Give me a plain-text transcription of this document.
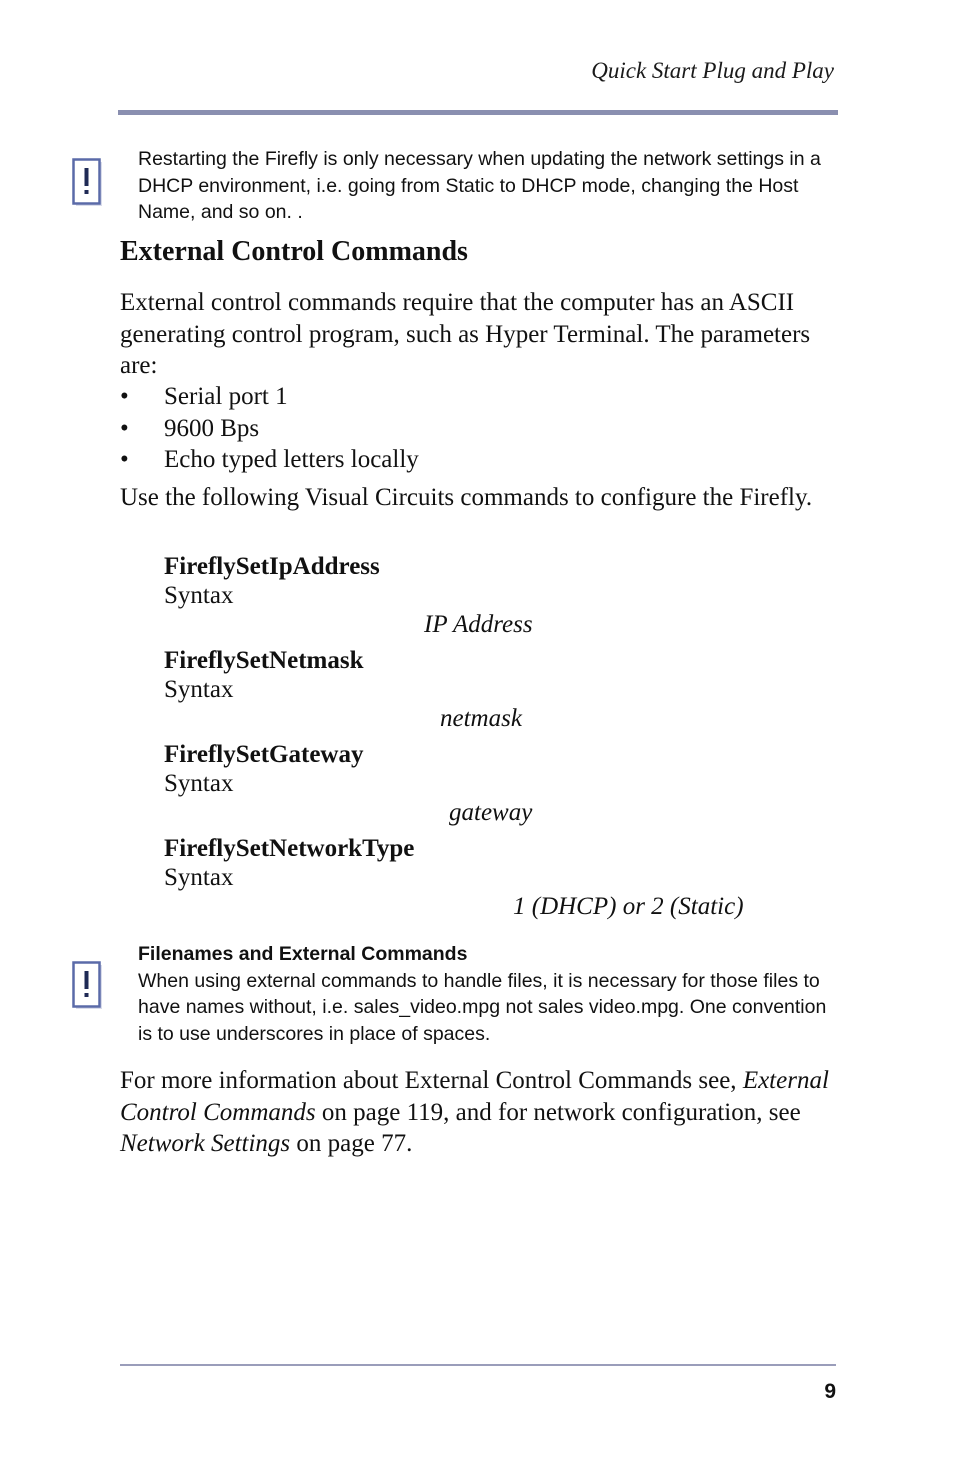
Quick Start Plug and Play
Restarting the Firefly is only necessary when updating the network settings in a DHCP environment, i.e. going from Static to DHCP mode, changing the Host Name, and so on. .
External Control Commands
External control commands require that the computer has an ASCII generating control program, such as Hyper Terminal. The parameters are:
• Serial port 1
• 9600 Bps
• Echo typed letters locally
Use the following Visual Circuits commands to configure the Firefly.
FireflySetIpAddress
Syntax
IP Address
FireflySetNetmask
Syntax
netmask
FireflySetGateway
Syntax
gateway
FireflySetNetworkType
Syntax
1 (DHCP) or 2 (Static)
Filenames and External Commands
When using external commands to handle files, it is necessary for those files to have names without, i.e. sales_video.mpg not sales video.mpg. One convention is to use underscores in place of spaces.
For more information about External Control Commands see, External Control Commands on page 119, and for network configuration, see Network Settings on page 77.
9
